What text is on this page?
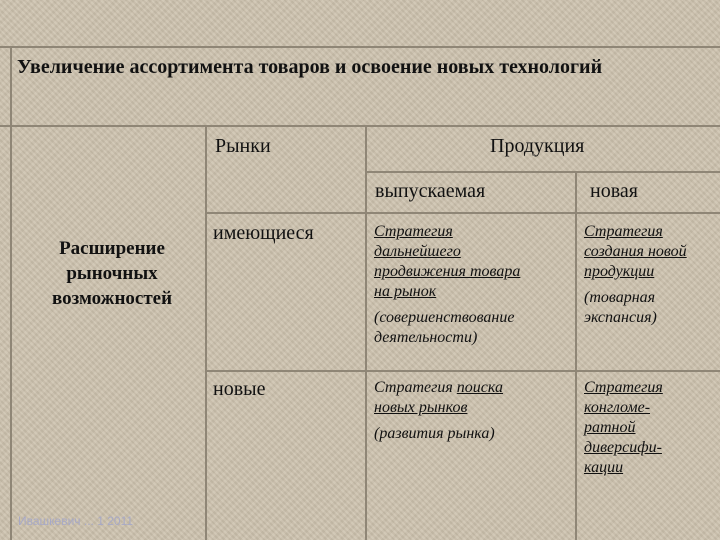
Увеличение ассортимента товаров и освоение новых технологий
Рынки	Продукция
выпускаемая	новая
Расширение
рыночных
возможностей
имеющиеся
новые
Стратегия
дальнейшего
продвижения товара
на рынок
(совершенствование
деятельности)
Стратегия
создания новой
продукции
(товарная
экспансия)
Стратегия поиска
новых рынков
(развития рынка)
Стратегия
конгломе-
ратной
диверсифи-
кации
Ивашкевич ... 1 2011
